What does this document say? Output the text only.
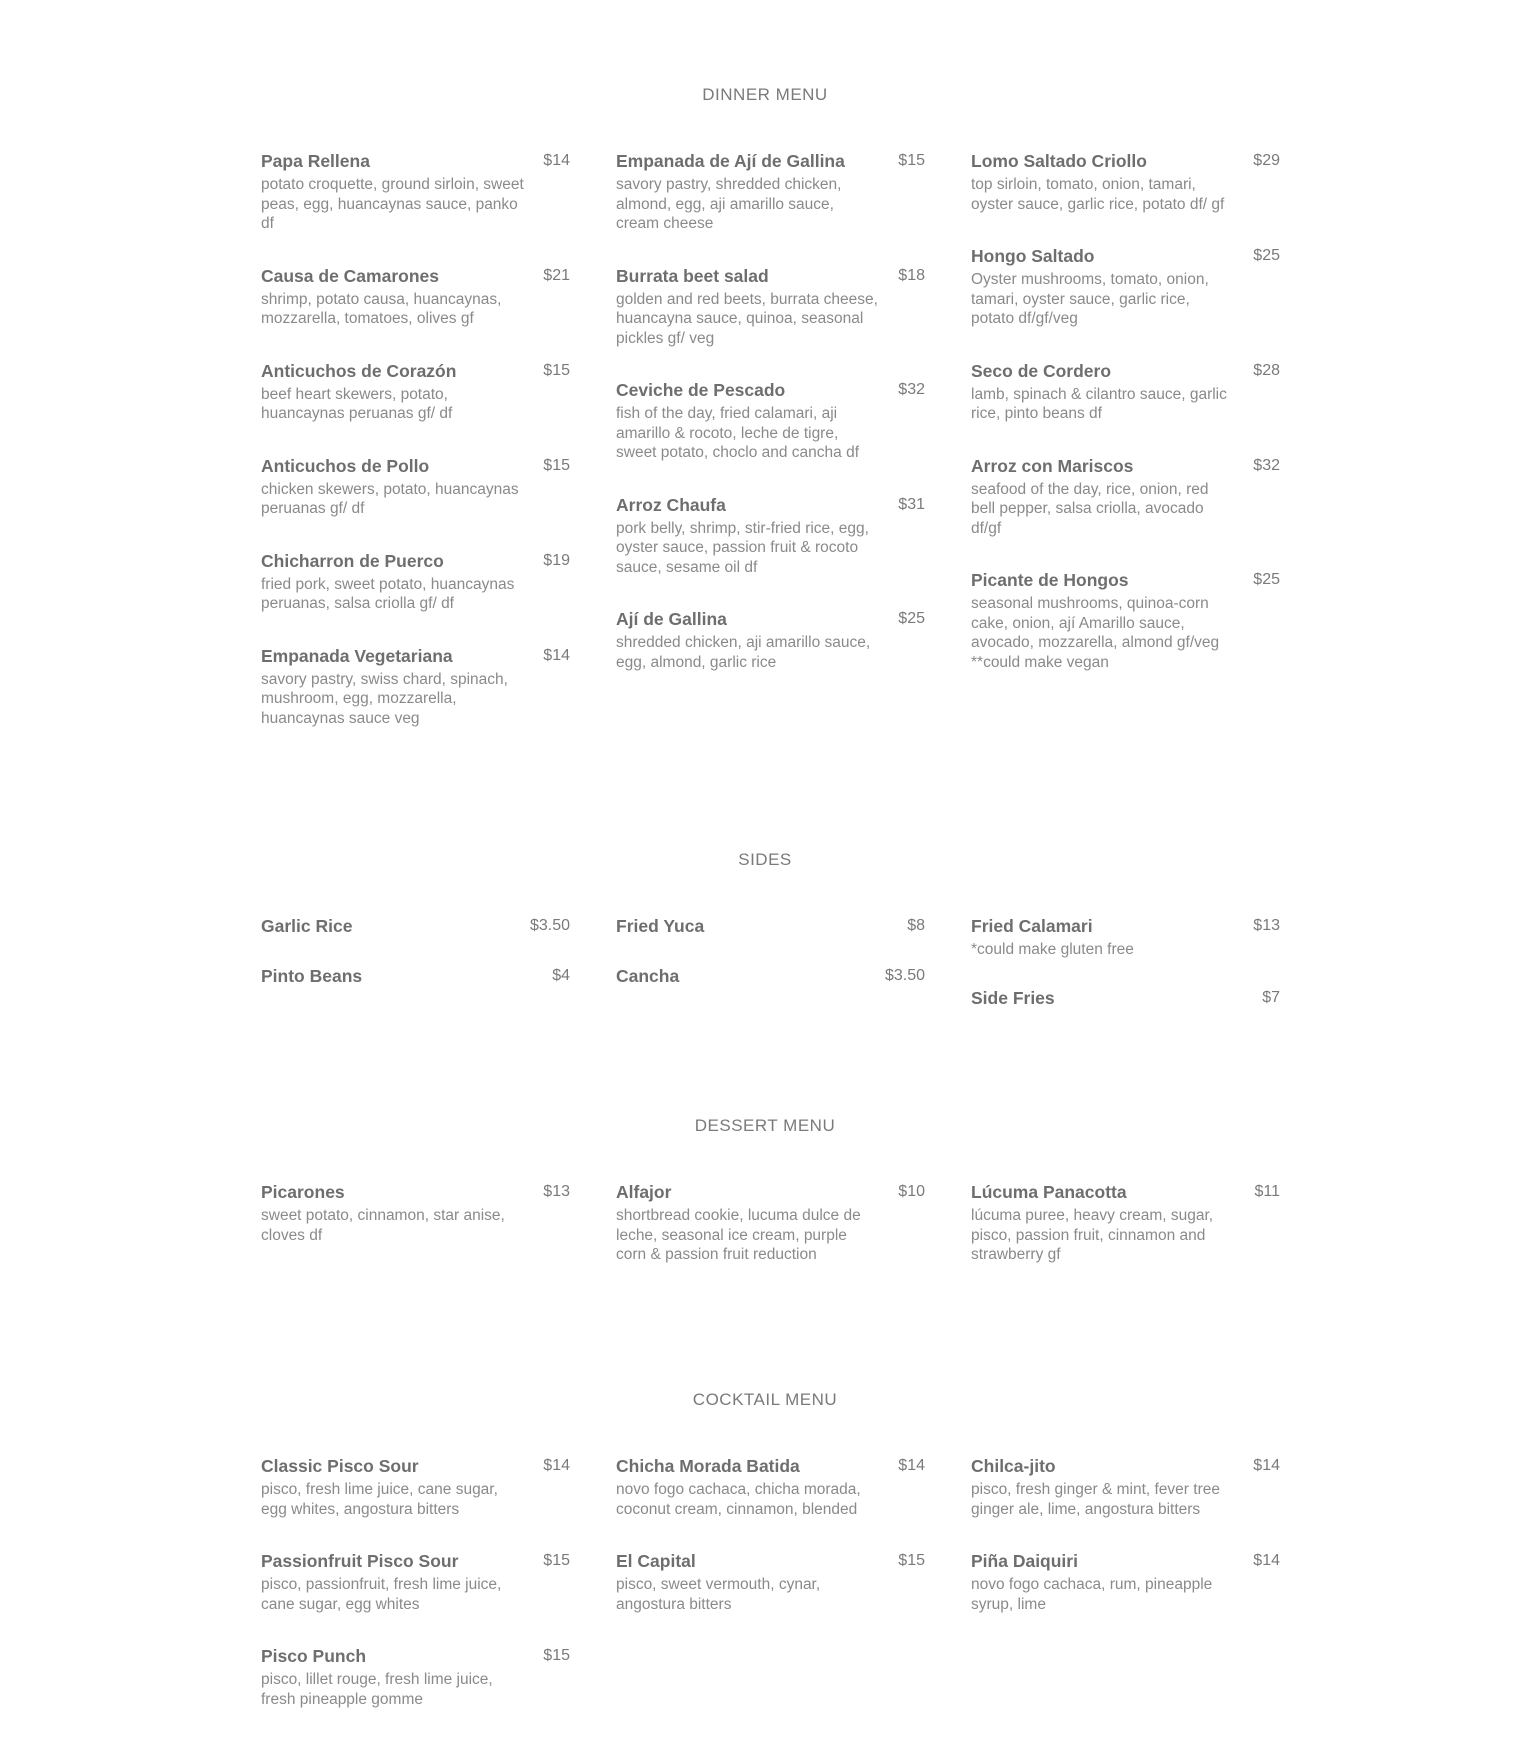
DINNER MENU
Papa Rellena	$14
potato croquette, ground sirloin, sweet peas, egg, huancaynas sauce, panko df
Causa de Camarones	$21
shrimp, potato causa, huancaynas, mozzarella, tomatoes, olives gf
Anticuchos de Corazón	$15
beef heart skewers, potato, huancaynas peruanas gf/ df
Anticuchos de Pollo	$15
chicken skewers, potato, huancaynas peruanas gf/ df
Chicharron de Puerco	$19
fried pork, sweet potato, huancaynas peruanas, salsa criolla gf/ df
Empanada Vegetariana	$14
savory pastry, swiss chard, spinach, mushroom, egg, mozzarella, huancaynas sauce veg
Empanada de Ají de Gallina	$15
savory pastry, shredded chicken, almond, egg, aji amarillo sauce, cream cheese
Burrata beet salad	$18
golden and red beets, burrata cheese, huancayna sauce, quinoa, seasonal pickles gf/ veg
Ceviche de Pescado	$32
fish of the day, fried calamari, aji amarillo & rocoto, leche de tigre, sweet potato, choclo and cancha df
Arroz Chaufa	$31
pork belly, shrimp, stir-fried rice, egg, oyster sauce, passion fruit & rocoto sauce, sesame oil df
Ají de Gallina	$25
shredded chicken, aji amarillo sauce, egg, almond, garlic rice
Lomo Saltado Criollo	$29
top sirloin, tomato, onion, tamari, oyster sauce, garlic rice, potato df/ gf
Hongo Saltado	$25
Oyster mushrooms, tomato, onion, tamari, oyster sauce, garlic rice, potato df/gf/veg
Seco de Cordero	$28
lamb, spinach & cilantro sauce, garlic rice, pinto beans df
Arroz con Mariscos	$32
seafood of the day, rice, onion, red bell pepper, salsa criolla, avocado df/gf
Picante de Hongos	$25
seasonal mushrooms, quinoa-corn cake, onion, ají Amarillo sauce, avocado, mozzarella, almond gf/veg **could make vegan
SIDES
Garlic Rice	$3.50
Pinto Beans	$4
Fried Yuca	$8
Cancha	$3.50
Fried Calamari	$13
*could make gluten free
Side Fries	$7
DESSERT MENU
Picarones	$13
sweet potato, cinnamon, star anise, cloves df
Alfajor	$10
shortbread cookie, lucuma dulce de leche, seasonal ice cream, purple corn & passion fruit reduction
Lúcuma Panacotta	$11
lúcuma puree, heavy cream, sugar, pisco, passion fruit, cinnamon and strawberry gf
COCKTAIL MENU
Classic Pisco Sour	$14
pisco, fresh lime juice, cane sugar, egg whites, angostura bitters
Passionfruit Pisco Sour	$15
pisco, passionfruit, fresh lime juice, cane sugar, egg whites
Pisco Punch	$15
pisco, lillet rouge, fresh lime juice, fresh pineapple gomme
Chicha Morada Batida	$14
novo fogo cachaca, chicha morada, coconut cream, cinnamon, blended
El Capital	$15
pisco, sweet vermouth, cynar, angostura bitters
Chilca-jito	$14
pisco, fresh ginger & mint, fever tree ginger ale, lime, angostura bitters
Piña Daiquiri	$14
novo fogo cachaca, rum, pineapple syrup, lime
